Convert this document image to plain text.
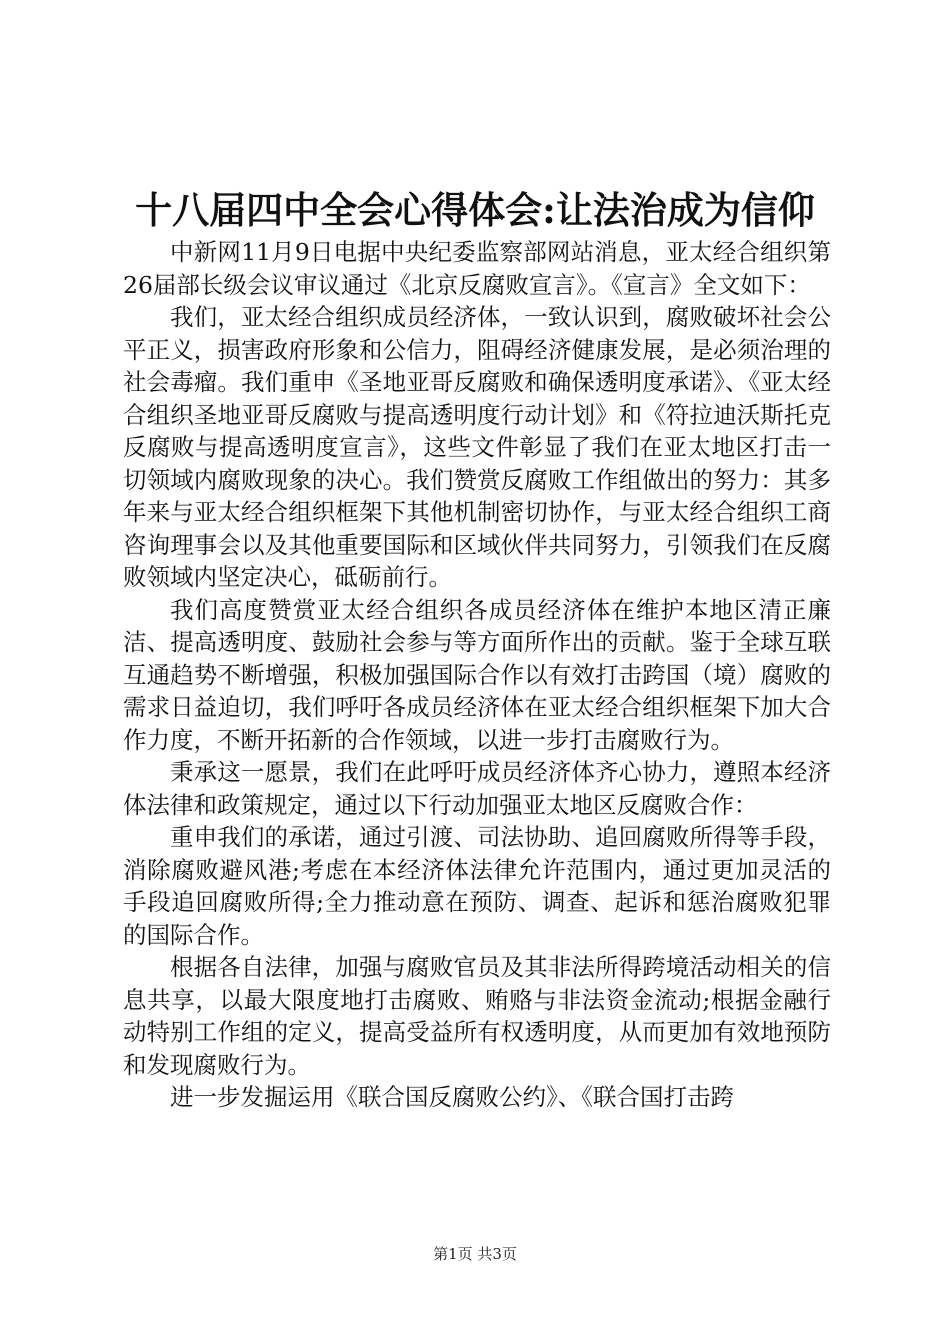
十八届四中全会心得体会:让法治成为信仰

中新网11月9日电据中央纪委监察部网站消息，亚太经合组织第26届部长级会议审议通过《北京反腐败宣言》。《宣言》全文如下：

我们，亚太经合组织成员经济体，一致认识到，腐败破坏社会公平正义，损害政府形象和公信力，阻碍经济健康发展，是必须治理的社会毒瘤。我们重申《圣地亚哥反腐败和确保透明度承诺》、《亚太经合组织圣地亚哥反腐败与提高透明度行动计划》和《符拉迪沃斯托克反腐败与提高透明度宣言》，这些文件彰显了我们在亚太地区打击一切领域内腐败现象的决心。我们赞赏反腐败工作组做出的努力：其多年来与亚太经合组织框架下其他机制密切协作，与亚太经合组织工商咨询理事会以及其他重要国际和区域伙伴共同努力，引领我们在反腐败领域内坚定决心，砥砺前行。

我们高度赞赏亚太经合组织各成员经济体在维护本地区清正廉洁、提高透明度、鼓励社会参与等方面所作出的贡献。鉴于全球互联互通趋势不断增强，积极加强国际合作以有效打击跨国（境）腐败的需求日益迫切，我们呼吁各成员经济体在亚太经合组织框架下加大合作力度，不断开拓新的合作领域，以进一步打击腐败行为。

秉承这一愿景，我们在此呼吁成员经济体齐心协力，遵照本经济体法律和政策规定，通过以下行动加强亚太地区反腐败合作：

重申我们的承诺，通过引渡、司法协助、追回腐败所得等手段，消除腐败避风港;考虑在本经济体法律允许范围内，通过更加灵活的手段追回腐败所得;全力推动意在预防、调查、起诉和惩治腐败犯罪的国际合作。

根据各自法律，加强与腐败官员及其非法所得跨境活动相关的信息共享，以最大限度地打击腐败、贿赂与非法资金流动;根据金融行动特别工作组的定义，提高受益所有权透明度，从而更加有效地预防和发现腐败行为。

进一步发掘运用《联合国反腐败公约》、《联合国打击跨

第1页 共3页
